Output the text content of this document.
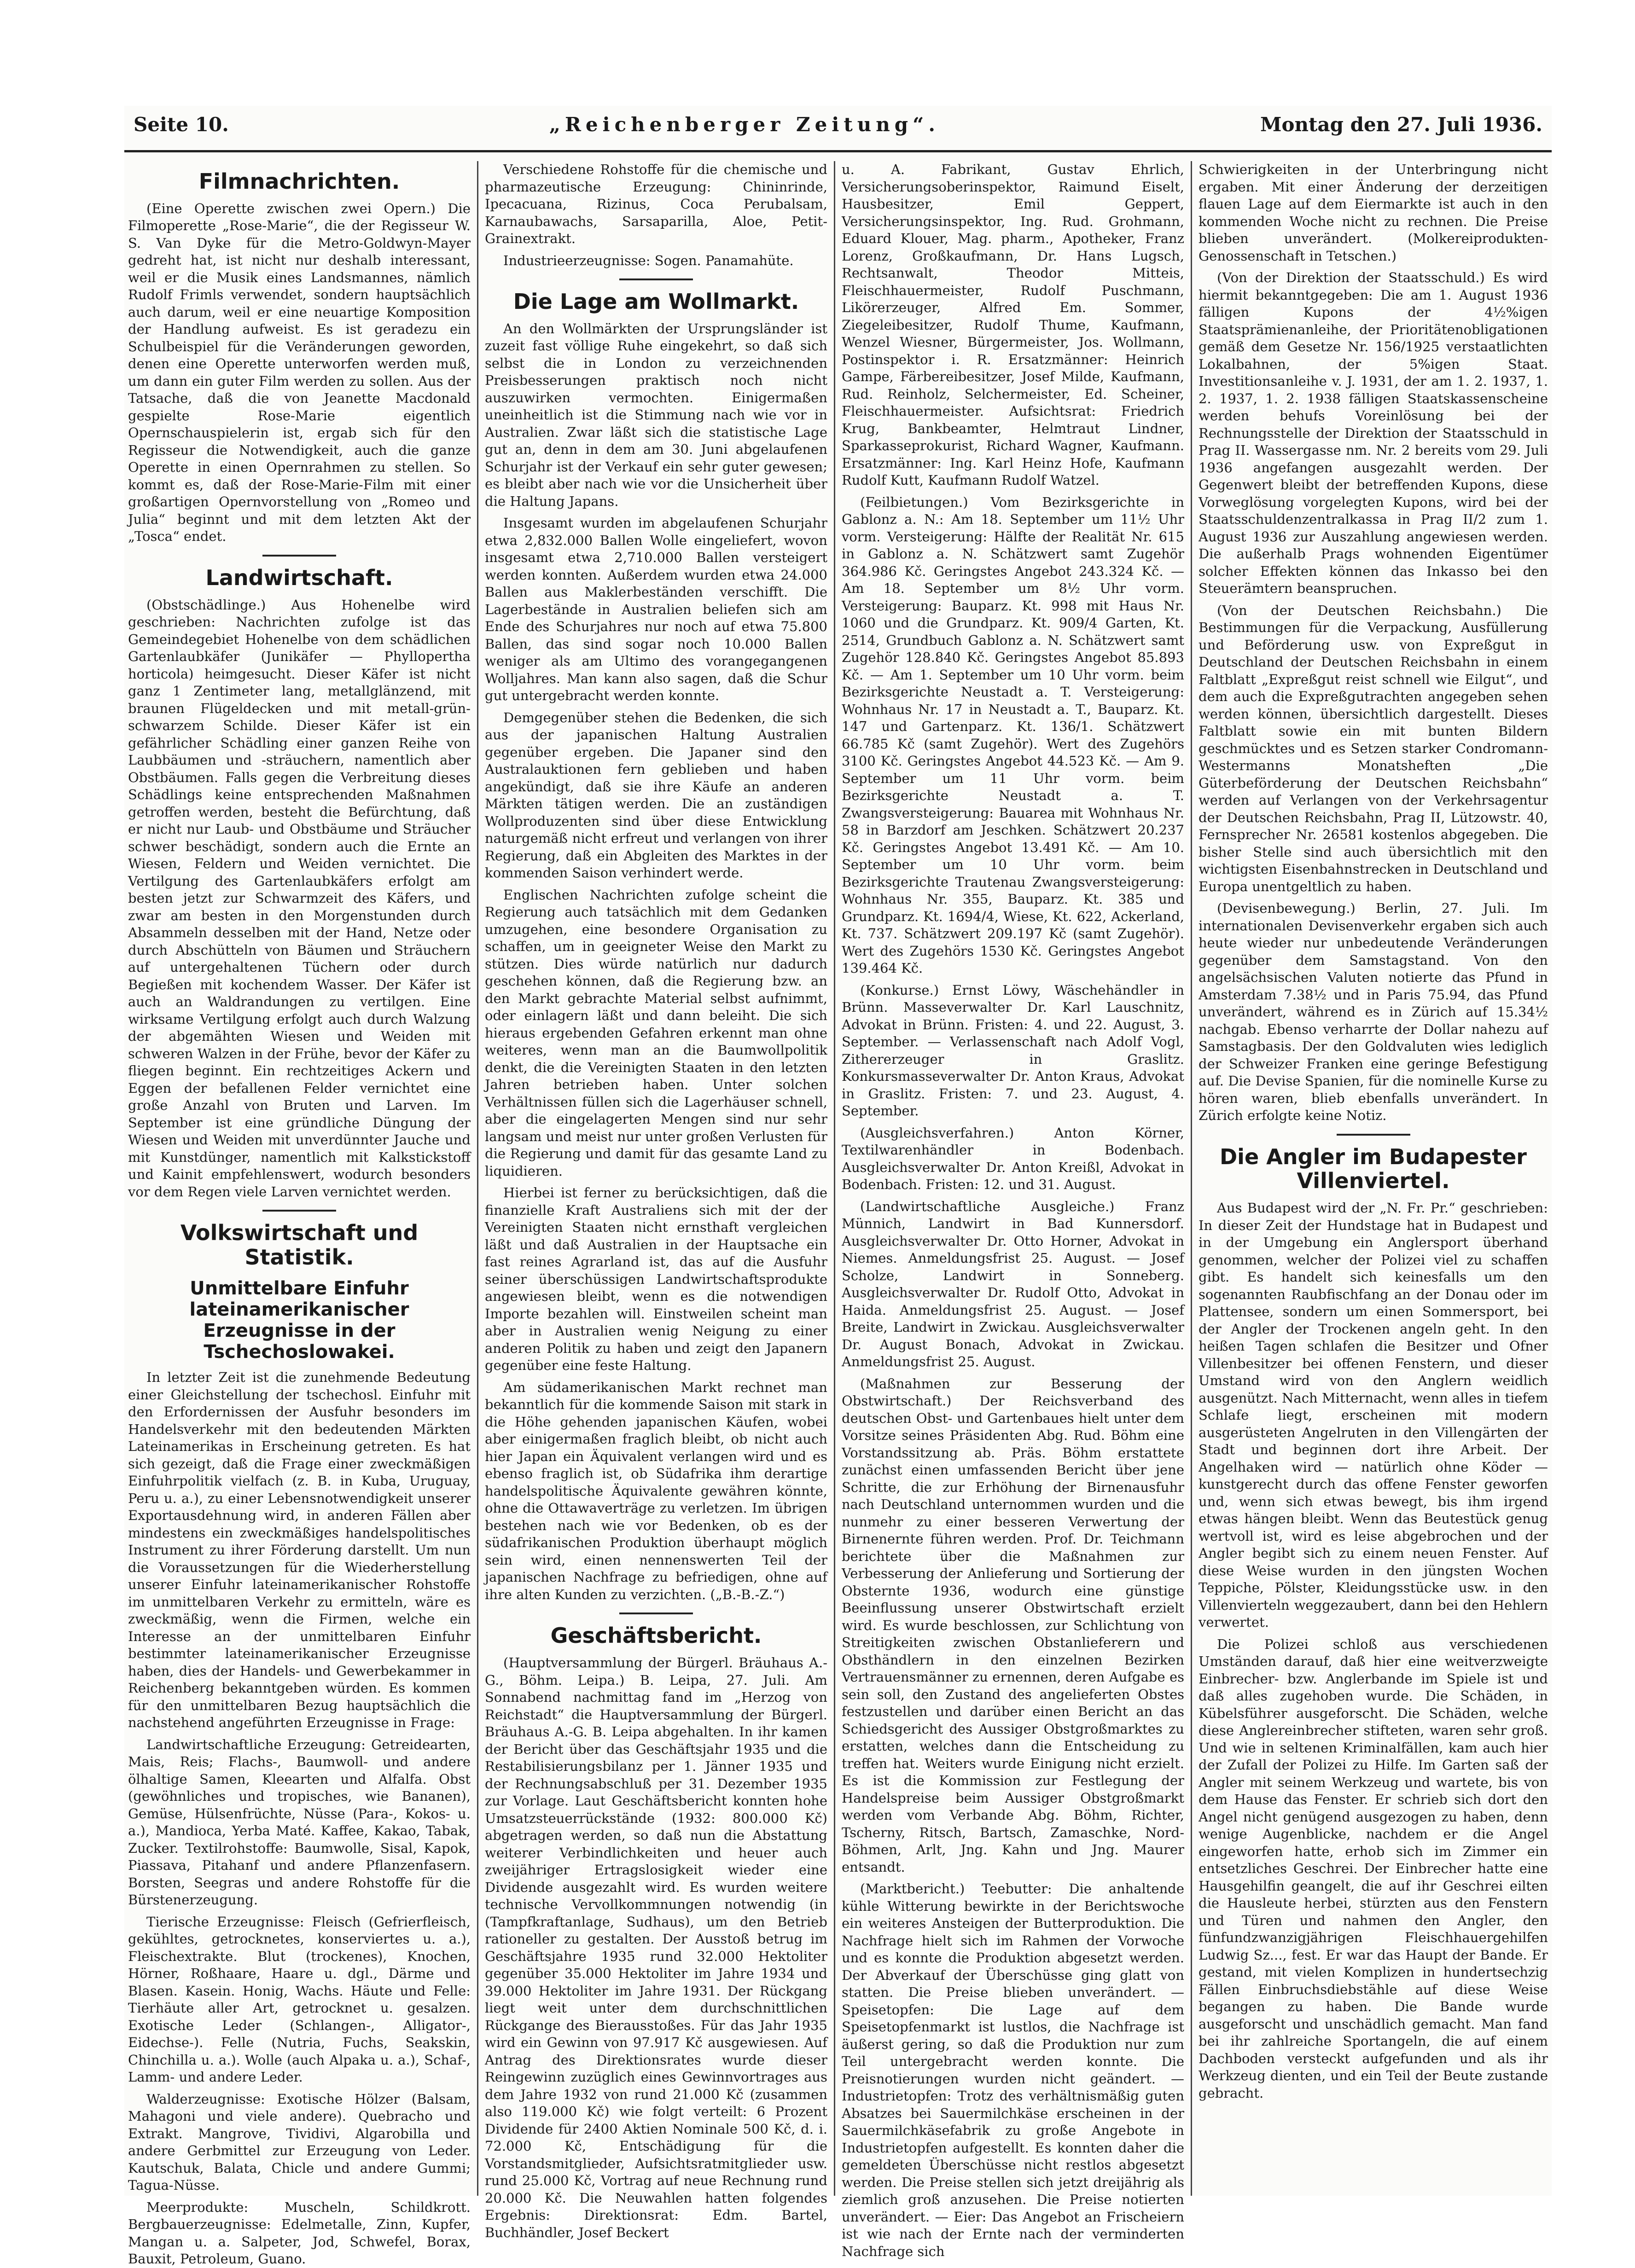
Seite 10.	„Reichenberger Zeitung“.	Montag den 27. Juli 1936.
Filmnachrichten.

(Eine Operette zwischen zwei Opern.) Die Filmoperette „Rose-Marie“, die der Regisseur W. S. Van Dyke für die Metro-Goldwyn-Mayer gedreht hat, ist nicht nur deshalb interessant, weil er die Musik eines Landsmannes, nämlich Rudolf Frimls verwendet, sondern hauptsächlich auch darum, weil er eine neuartige Komposition der Handlung aufweist. Es ist geradezu ein Schulbeispiel für die Veränderungen geworden, denen eine Operette unterworfen werden muß, um dann ein guter Film werden zu sollen. Aus der Tatsache, daß die von Jeanette Macdonald gespielte Rose-Marie eigentlich Opernschauspielerin ist, ergab sich für den Regisseur die Notwendigkeit, auch die ganze Operette in einen Opernrahmen zu stellen. So kommt es, daß der Rose-Marie-Film mit einer großartigen Opernvorstellung von „Romeo und Julia“ beginnt und mit dem letzten Akt der „Tosca“ endet.

Landwirtschaft.

(Obstschädlinge.) Aus Hohenelbe wird geschrieben: Nachrichten zufolge ist das Gemeindegebiet Hohenelbe von dem schädlichen Gartenlaubkäfer (Junikäfer — Phyllopertha horticola) heimgesucht. Dieser Käfer ist nicht ganz 1 Zentimeter lang, metallglänzend, mit braunen Flügeldecken und mit metall-grün-schwarzem Schilde. Dieser Käfer ist ein gefährlicher Schädling einer ganzen Reihe von Laubbäumen und -sträuchern, namentlich aber Obstbäumen. Falls gegen die Verbreitung dieses Schädlings keine entsprechenden Maßnahmen getroffen werden, besteht die Befürchtung, daß er nicht nur Laub- und Obstbäume und Sträucher schwer beschädigt, sondern auch die Ernte an Wiesen, Feldern und Weiden vernichtet. Die Vertilgung des Gartenlaubkäfers erfolgt am besten jetzt zur Schwarmzeit des Käfers, und zwar am besten in den Morgenstunden durch Absammeln desselben mit der Hand, Netze oder durch Abschütteln von Bäumen und Sträuchern auf untergehaltenen Tüchern oder durch Begießen mit kochendem Wasser. Der Käfer ist auch an Waldrandungen zu vertilgen. Eine wirksame Vertilgung erfolgt auch durch Walzung der abgemähten Wiesen und Weiden mit schweren Walzen in der Frühe, bevor der Käfer zu fliegen beginnt. Ein rechtzeitiges Ackern und Eggen der befallenen Felder vernichtet eine große Anzahl von Bruten und Larven. Im September ist eine gründliche Düngung der Wiesen und Weiden mit unverdünnter Jauche und mit Kunstdünger, namentlich mit Kalkstickstoff und Kainit empfehlenswert, wodurch besonders vor dem Regen viele Larven vernichtet werden.

Volkswirtschaft und Statistik.
Unmittelbare Einfuhr lateinamerikanischer Erzeugnisse in der Tschechoslowakei.

In letzter Zeit ist die zunehmende Bedeutung einer Gleichstellung der tschechosl. Einfuhr mit den Erfordernissen der Ausfuhr besonders im Handelsverkehr mit den bedeutenden Märkten Lateinamerikas in Erscheinung getreten. Es hat sich gezeigt, daß die Frage einer zweckmäßigen Einfuhrpolitik vielfach (z. B. in Kuba, Uruguay, Peru u. a.), zu einer Lebensnotwendigkeit unserer Exportausdehnung wird, in anderen Fällen aber mindestens ein zweckmäßiges handelspolitisches Instrument zu ihrer Förderung darstellt. Um nun die Voraussetzungen für die Wiederherstellung unserer Einfuhr lateinamerikanischer Rohstoffe im unmittelbaren Verkehr zu ermitteln, wäre es zweckmäßig, wenn die Firmen, welche ein Interesse an der unmittelbaren Einfuhr bestimmter lateinamerikanischer Erzeugnisse haben, dies der Handels- und Gewerbekammer in Reichenberg bekanntgeben würden. Es kommen für den unmittelbaren Bezug hauptsächlich die nachstehend angeführten Erzeugnisse in Frage:

Landwirtschaftliche Erzeugung: Getreidearten, Mais, Reis; Flachs-, Baumwoll- und andere ölhaltige Samen, Kleearten und Alfalfa. Obst (gewöhnliches und tropisches, wie Bananen), Gemüse, Hülsenfrüchte, Nüsse (Para-, Kokos- u. a.), Mandioca, Yerba Maté. Kaffee, Kakao, Tabak, Zucker. Textilrohstoffe: Baumwolle, Sisal, Kapok, Piassava, Pitahanf und andere Pflanzenfasern. Borsten, Seegras und andere Rohstoffe für die Bürstenerzeugung.

Tierische Erzeugnisse: Fleisch (Gefrierfleisch, gekühltes, getrocknetes, konserviertes u. a.), Fleischextrakte. Blut (trockenes), Knochen, Hörner, Roßhaare, Haare u. dgl., Därme und Blasen. Kasein. Honig, Wachs. Häute und Felle: Tierhäute aller Art, getrocknet u. gesalzen. Exotische Leder (Schlangen-, Alligator-, Eidechse-). Felle (Nutria, Fuchs, Seakskin, Chinchilla u. a.). Wolle (auch Alpaka u. a.), Schaf-, Lamm- und andere Leder.

Walderzeugnisse: Exotische Hölzer (Balsam, Mahagoni und viele andere). Quebracho und Extrakt. Mangrove, Tividivi, Algarobilla und andere Gerbmittel zur Erzeugung von Leder. Kautschuk, Balata, Chicle und andere Gummi; Tagua-Nüsse.

Meerprodukte: Muscheln, Schildkrott. Bergbauerzeugnisse: Edelmetalle, Zinn, Kupfer, Mangan u. a. Salpeter, Jod, Schwefel, Borax, Bauxit, Petroleum, Guano.

Verschiedene Rohstoffe für die chemische und pharmazeutische Erzeugung: Chininrinde, Ipecacuana, Rizinus, Coca Perubalsam, Karnaubawachs, Sarsaparilla, Aloe, Petit-Grainextrakt.

Industrieerzeugnisse: Sogen. Panamahüte.

Die Lage am Wollmarkt.

An den Wollmärkten der Ursprungsländer ist zuzeit fast völlige Ruhe eingekehrt, so daß sich selbst die in London zu verzeichnenden Preisbesserungen praktisch noch nicht auszuwirken vermochten. Einigermaßen uneinheitlich ist die Stimmung nach wie vor in Australien. Zwar läßt sich die statistische Lage gut an, denn in dem am 30. Juni abgelaufenen Schurjahr ist der Verkauf ein sehr guter gewesen; es bleibt aber nach wie vor die Unsicherheit über die Haltung Japans.

Insgesamt wurden im abgelaufenen Schurjahr etwa 2,832.000 Ballen Wolle eingeliefert, wovon insgesamt etwa 2,710.000 Ballen versteigert werden konnten. Außerdem wurden etwa 24.000 Ballen aus Maklerbeständen verschifft. Die Lagerbestände in Australien beliefen sich am Ende des Schurjahres nur noch auf etwa 75.800 Ballen, das sind sogar noch 10.000 Ballen weniger als am Ultimo des vorangegangenen Wolljahres. Man kann also sagen, daß die Schur gut untergebracht werden konnte.

Demgegenüber stehen die Bedenken, die sich aus der japanischen Haltung Australien gegenüber ergeben. Die Japaner sind den Australauktionen fern geblieben und haben angekündigt, daß sie ihre Käufe an anderen Märkten tätigen werden. Die an zuständigen Wollproduzenten sind über diese Entwicklung naturgemäß nicht erfreut und verlangen von ihrer Regierung, daß ein Abgleiten des Marktes in der kommenden Saison verhindert werde.

Englischen Nachrichten zufolge scheint die Regierung auch tatsächlich mit dem Gedanken umzugehen, eine besondere Organisation zu schaffen, um in geeigneter Weise den Markt zu stützen. Dies würde natürlich nur dadurch geschehen können, daß die Regierung bzw. an den Markt gebrachte Material selbst aufnimmt, oder einlagern läßt und dann beleiht. Die sich hieraus ergebenden Gefahren erkennt man ohne weiteres, wenn man an die Baumwollpolitik denkt, die die Vereinigten Staaten in den letzten Jahren betrieben haben. Unter solchen Verhältnissen füllen sich die Lagerhäuser schnell, aber die eingelagerten Mengen sind nur sehr langsam und meist nur unter großen Verlusten für die Regierung und damit für das gesamte Land zu liquidieren.

Hierbei ist ferner zu berücksichtigen, daß die finanzielle Kraft Australiens sich mit der der Vereinigten Staaten nicht ernsthaft vergleichen läßt und daß Australien in der Hauptsache ein fast reines Agrarland ist, das auf die Ausfuhr seiner überschüssigen Landwirtschaftsprodukte angewiesen bleibt, wenn es die notwendigen Importe bezahlen will. Einstweilen scheint man aber in Australien wenig Neigung zu einer anderen Politik zu haben und zeigt den Japanern gegenüber eine feste Haltung.

Am südamerikanischen Markt rechnet man bekanntlich für die kommende Saison mit stark in die Höhe gehenden japanischen Käufen, wobei aber einigermaßen fraglich bleibt, ob nicht auch hier Japan ein Äquivalent verlangen wird und es ebenso fraglich ist, ob Südafrika ihm derartige handelspolitische Äquivalente gewähren könnte, ohne die Ottawaverträge zu verletzen. Im übrigen bestehen nach wie vor Bedenken, ob es der südafrikanischen Produktion überhaupt möglich sein wird, einen nennenswerten Teil der japanischen Nachfrage zu befriedigen, ohne auf ihre alten Kunden zu verzichten. („B.-B.-Z.“)

Geschäftsbericht.

(Hauptversammlung der Bürgerl. Bräuhaus A.-G., Böhm. Leipa.) B. Leipa, 27. Juli. Am Sonnabend nachmittag fand im „Herzog von Reichstadt“ die Hauptversammlung der Bürgerl. Bräuhaus A.-G. B. Leipa abgehalten. In ihr kamen der Bericht über das Geschäftsjahr 1935 und die Restabilisierungsbilanz per 1. Jänner 1935 und der Rechnungsabschluß per 31. Dezember 1935 zur Vorlage. Laut Geschäftsbericht konnten hohe Umsatzsteuerrückstände (1932: 800.000 Kč) abgetragen werden, so daß nun die Abstattung weiterer Verbindlichkeiten und heuer auch zweijähriger Ertragslosigkeit wieder eine Dividende ausgezahlt wird. Es wurden weitere technische Vervollkommnungen notwendig (in (Tampfkraftanlage, Sudhaus), um den Betrieb rationeller zu gestalten. Der Ausstoß betrug im Geschäftsjahre 1935 rund 32.000 Hektoliter gegenüber 35.000 Hektoliter im Jahre 1934 und 39.000 Hektoliter im Jahre 1931. Der Rückgang liegt weit unter dem durchschnittlichen Rückgange des Bierausstoßes. Für das Jahr 1935 wird ein Gewinn von 97.917 Kč ausgewiesen. Auf Antrag des Direktionsrates wurde dieser Reingewinn zuzüglich eines Gewinnvortrages aus dem Jahre 1932 von rund 21.000 Kč (zusammen also 119.000 Kč) wie folgt verteilt: 6 Prozent Dividende für 2400 Aktien Nominale 500 Kč, d. i. 72.000 Kč, Entschädigung für die Vorstandsmitglieder, Aufsichtsratmitglieder usw. rund 25.000 Kč, Vortrag auf neue Rechnung rund 20.000 Kč. Die Neuwahlen hatten folgendes Ergebnis: Direktionsrat: Edm. Bartel, Buchhändler, Josef Beckert

u. A. Fabrikant, Gustav Ehrlich, Versicherungsoberinspektor, Raimund Eiselt, Hausbesitzer, Emil Geppert, Versicherungsinspektor, Ing. Rud. Grohmann, Eduard Klouer, Mag. pharm., Apotheker, Franz Lorenz, Großkaufmann, Dr. Hans Lugsch, Rechtsanwalt, Theodor Mitteis, Fleischhauermeister, Rudolf Puschmann, Likörerzeuger, Alfred Em. Sommer, Ziegeleibesitzer, Rudolf Thume, Kaufmann, Wenzel Wiesner, Bürgermeister, Jos. Wollmann, Postinspektor i. R. Ersatzmänner: Heinrich Gampe, Färbereibesitzer, Josef Milde, Kaufmann, Rud. Reinholz, Selchermeister, Ed. Scheiner, Fleischhauermeister. Aufsichtsrat: Friedrich Krug, Bankbeamter, Helmtraut Lindner, Sparkasseprokurist, Richard Wagner, Kaufmann. Ersatzmänner: Ing. Karl Heinz Hofe, Kaufmann Rudolf Kutt, Kaufmann Rudolf Watzel.

(Feilbietungen.) Vom Bezirksgerichte in Gablonz a. N.: Am 18. September um 11½ Uhr vorm. Versteigerung: Hälfte der Realität Nr. 615 in Gablonz a. N. Schätzwert samt Zugehör 364.986 Kč. Geringstes Angebot 243.324 Kč. — Am 18. September um 8½ Uhr vorm. Versteigerung: Bauparz. Kt. 998 mit Haus Nr. 1060 und die Grundparz. Kt. 909/4 Garten, Kt. 2514, Grundbuch Gablonz a. N. Schätzwert samt Zugehör 128.840 Kč. Geringstes Angebot 85.893 Kč. — Am 1. September um 10 Uhr vorm. beim Bezirksgerichte Neustadt a. T. Versteigerung: Wohnhaus Nr. 17 in Neustadt a. T., Bauparz. Kt. 147 und Gartenparz. Kt. 136/1. Schätzwert 66.785 Kč (samt Zugehör). Wert des Zugehörs 3100 Kč. Geringstes Angebot 44.523 Kč. — Am 9. September um 11 Uhr vorm. beim Bezirksgerichte Neustadt a. T. Zwangsversteigerung: Bauarea mit Wohnhaus Nr. 58 in Barzdorf am Jeschken. Schätzwert 20.237 Kč. Geringstes Angebot 13.491 Kč. — Am 10. September um 10 Uhr vorm. beim Bezirksgerichte Trautenau Zwangsversteigerung: Wohnhaus Nr. 355, Bauparz. Kt. 385 und Grundparz. Kt. 1694/4, Wiese, Kt. 622, Ackerland, Kt. 737. Schätzwert 209.197 Kč (samt Zugehör). Wert des Zugehörs 1530 Kč. Geringstes Angebot 139.464 Kč.

(Konkurse.) Ernst Löwy, Wäschehändler in Brünn. Masseverwalter Dr. Karl Lauschnitz, Advokat in Brünn. Fristen: 4. und 22. August, 3. September. — Verlassenschaft nach Adolf Vogl, Zithererzeuger in Graslitz. Konkursmasseverwalter Dr. Anton Kraus, Advokat in Graslitz. Fristen: 7. und 23. August, 4. September.

(Ausgleichsverfahren.) Anton Körner, Textilwarenhändler in Bodenbach. Ausgleichsverwalter Dr. Anton Kreißl, Advokat in Bodenbach. Fristen: 12. und 31. August.

(Landwirtschaftliche Ausgleiche.) Franz Münnich, Landwirt in Bad Kunnersdorf. Ausgleichsverwalter Dr. Otto Horner, Advokat in Niemes. Anmeldungsfrist 25. August. — Josef Scholze, Landwirt in Sonneberg. Ausgleichsverwalter Dr. Rudolf Otto, Advokat in Haida. Anmeldungsfrist 25. August. — Josef Breite, Landwirt in Zwickau. Ausgleichsverwalter Dr. August Bonach, Advokat in Zwickau. Anmeldungsfrist 25. August.

(Maßnahmen zur Besserung der Obstwirtschaft.) Der Reichsverband des deutschen Obst- und Gartenbaues hielt unter dem Vorsitze seines Präsidenten Abg. Rud. Böhm eine Vorstandssitzung ab. Präs. Böhm erstattete zunächst einen umfassenden Bericht über jene Schritte, die zur Erhöhung der Birnenausfuhr nach Deutschland unternommen wurden und die nunmehr zu einer besseren Verwertung der Birnenernte führen werden. Prof. Dr. Teichmann berichtete über die Maßnahmen zur Verbesserung der Anlieferung und Sortierung der Obsternte 1936, wodurch eine günstige Beeinflussung unserer Obstwirtschaft erzielt wird. Es wurde beschlossen, zur Schlichtung von Streitigkeiten zwischen Obstanlieferern und Obsthändlern in den einzelnen Bezirken Vertrauensmänner zu ernennen, deren Aufgabe es sein soll, den Zustand des angelieferten Obstes festzustellen und darüber einen Bericht an das Schiedsgericht des Aussiger Obstgroßmarktes zu erstatten, welches dann die Entscheidung zu treffen hat. Weiters wurde Einigung nicht erzielt. Es ist die Kommission zur Festlegung der Handelspreise beim Aussiger Obstgroßmarkt werden vom Verbande Abg. Böhm, Richter, Tscherny, Ritsch, Bartsch, Zamaschke, Nord-Böhmen, Arlt, Jng. Kahn und Jng. Maurer entsandt.

(Marktbericht.) Teebutter: Die anhaltende kühle Witterung bewirkte in der Berichtswoche ein weiteres Ansteigen der Butterproduktion. Die Nachfrage hielt sich im Rahmen der Vorwoche und es konnte die Produktion abgesetzt werden. Der Abverkauf der Überschüsse ging glatt von statten. Die Preise blieben unverändert. — Speisetopfen: Die Lage auf dem Speisetopfenmarkt ist lustlos, die Nachfrage ist äußerst gering, so daß die Produktion nur zum Teil untergebracht werden konnte. Die Preisnotierungen wurden nicht geändert. — Industrietopfen: Trotz des verhältnismäßig guten Absatzes bei Sauermilchkäse erscheinen in der Sauermilchkäsefabrik zu große Angebote in Industrietopfen aufgestellt. Es konnten daher die gemeldeten Überschüsse nicht restlos abgesetzt werden. Die Preise stellen sich jetzt dreijährig als ziemlich groß anzusehen. Die Preise notierten unverändert. — Eier: Das Angebot an Frischeiern ist wie nach der Ernte nach der verminderten Nachfrage sich

Schwierigkeiten in der Unterbringung nicht ergaben. Mit einer Änderung der derzeitigen flauen Lage auf dem Eiermarkte ist auch in den kommenden Woche nicht zu rechnen. Die Preise blieben unverändert. (Molkereiprodukten-Genossenschaft in Tetschen.)

(Von der Direktion der Staatsschuld.) Es wird hiermit bekanntgegeben: Die am 1. August 1936 fälligen Kupons der 4½%igen Staatsprämienanleihe, der Prioritätenobligationen gemäß dem Gesetze Nr. 156/1925 verstaatlichten Lokalbahnen, der 5%igen Staat. Investitionsanleihe v. J. 1931, der am 1. 2. 1937, 1. 2. 1937, 1. 2. 1938 fälligen Staatskassenscheine werden behufs Voreinlösung bei der Rechnungsstelle der Direktion der Staatsschuld in Prag II. Wassergasse nm. Nr. 2 bereits vom 29. Juli 1936 angefangen ausgezahlt werden. Der Gegenwert bleibt der betreffenden Kupons, diese Vorweglösung vorgelegten Kupons, wird bei der Staatsschuldenzentralkassa in Prag II/2 zum 1. August 1936 zur Auszahlung angewiesen werden. Die außerhalb Prags wohnenden Eigentümer solcher Effekten können das Inkasso bei den Steuerämtern beanspruchen.

(Von der Deutschen Reichsbahn.) Die Bestimmungen für die Verpackung, Ausfüllerung und Beförderung usw. von Expreßgut in Deutschland der Deutschen Reichsbahn in einem Faltblatt „Expreßgut reist schnell wie Eilgut“, und dem auch die Expreßgutrachten angegeben sehen werden können, übersichtlich dargestellt. Dieses Faltblatt sowie ein mit bunten Bildern geschmücktes und es Setzen starker Condromann-Westermanns Monatsheften „Die Güterbeförderung der Deutschen Reichsbahn“ werden auf Verlangen von der Verkehrsagentur der Deutschen Reichsbahn, Prag II, Lützowstr. 40, Fernsprecher Nr. 26581 kostenlos abgegeben. Die bisher Stelle sind auch übersichtlich mit den wichtigsten Eisenbahnstrecken in Deutschland und Europa unentgeltlich zu haben.

(Devisenbewegung.) Berlin, 27. Juli. Im internationalen Devisenverkehr ergaben sich auch heute wieder nur unbedeutende Veränderungen gegenüber dem Samstagstand. Von den angelsächsischen Valuten notierte das Pfund in Amsterdam 7.38½ und in Paris 75.94, das Pfund unverändert, während es in Zürich auf 15.34½ nachgab. Ebenso verharrte der Dollar nahezu auf Samstagbasis. Der den Goldvaluten wies lediglich der Schweizer Franken eine geringe Befestigung auf. Die Devise Spanien, für die nominelle Kurse zu hören waren, blieb ebenfalls unverändert. In Zürich erfolgte keine Notiz.

Die Angler im Budapester Villenviertel.

Aus Budapest wird der „N. Fr. Pr.“ geschrieben: In dieser Zeit der Hundstage hat in Budapest und in der Umgebung ein Anglersport überhand genommen, welcher der Polizei viel zu schaffen gibt. Es handelt sich keinesfalls um den sogenannten Raubfischfang an der Donau oder im Plattensee, sondern um einen Sommersport, bei der Angler der Trockenen angeln geht. In den heißen Tagen schlafen die Besitzer und Ofner Villenbesitzer bei offenen Fenstern, und dieser Umstand wird von den Anglern weidlich ausgenützt. Nach Mitternacht, wenn alles in tiefem Schlafe liegt, erscheinen mit modern ausgerüsteten Angelruten in den Villengärten der Stadt und beginnen dort ihre Arbeit. Der Angelhaken wird — natürlich ohne Köder — kunstgerecht durch das offene Fenster geworfen und, wenn sich etwas bewegt, bis ihm irgend etwas hängen bleibt. Wenn das Beutestück genug wertvoll ist, wird es leise abgebrochen und der Angler begibt sich zu einem neuen Fenster. Auf diese Weise wurden in den jüngsten Wochen Teppiche, Pölster, Kleidungsstücke usw. in den Villenvierteln weggezaubert, dann bei den Hehlern verwertet.

Die Polizei schloß aus verschiedenen Umständen darauf, daß hier eine weitverzweigte Einbrecher- bzw. Anglerbande im Spiele ist und daß alles zugehoben wurde. Die Schäden, in Kübelsführer ausgeforscht. Die Schäden, welche diese Anglereinbrecher stifteten, waren sehr groß. Und wie in seltenen Kriminalfällen, kam auch hier der Zufall der Polizei zu Hilfe. Im Garten saß der Angler mit seinem Werkzeug und wartete, bis von dem Hause das Fenster. Er schrieb sich dort den Angel nicht genügend ausgezogen zu haben, denn wenige Augenblicke, nachdem er die Angel eingeworfen hatte, erhob sich im Zimmer ein entsetzliches Geschrei. Der Einbrecher hatte eine Hausgehilfin geangelt, die auf ihr Geschrei eilten die Hausleute herbei, stürzten aus den Fenstern und Türen und nahmen den Angler, den fünfundzwanzigjährigen Fleischhauergehilfen Ludwig Sz..., fest. Er war das Haupt der Bande. Er gestand, mit vielen Komplizen in hundertsechzig Fällen Einbruchsdiebstähle auf diese Weise begangen zu haben. Die Bande wurde ausgeforscht und unschädlich gemacht. Man fand bei ihr zahlreiche Sportangeln, die auf einem Dachboden versteckt aufgefunden und als ihr Werkzeug dienten, und ein Teil der Beute zustande gebracht.
